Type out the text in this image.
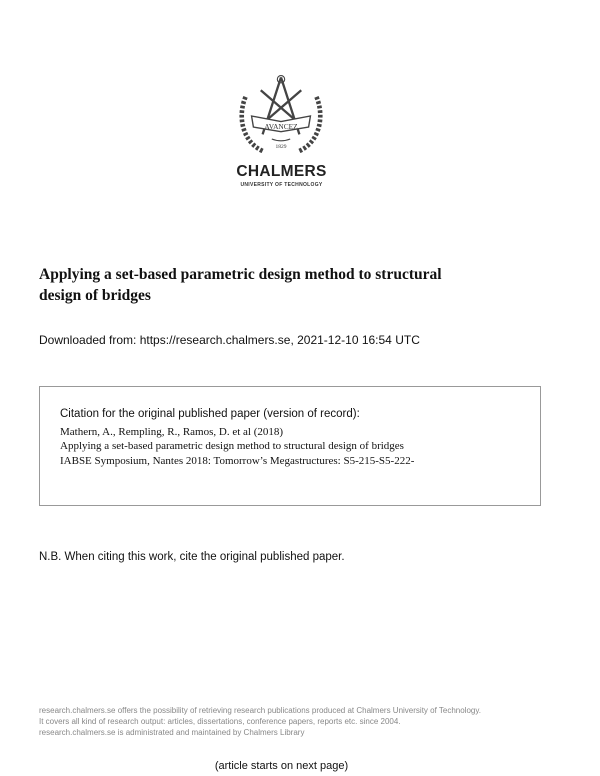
AVANCEZ
1829
CHALMERS
UNIVERSITY OF TECHNOLOGY
Applying a set-based parametric design method to structural design of bridges
Downloaded from: https://research.chalmers.se, 2021-12-10 16:54 UTC
Citation for the original published paper (version of record):
Mathern, A., Rempling, R., Ramos, D. et al (2018)
Applying a set-based parametric design method to structural design of bridges
IABSE Symposium, Nantes 2018: Tomorrow’s Megastructures: S5-215-S5-222-
N.B. When citing this work, cite the original published paper.
research.chalmers.se offers the possibility of retrieving research publications produced at Chalmers University of Technology.
It covers all kind of research output: articles, dissertations, conference papers, reports etc. since 2004.
research.chalmers.se is administrated and maintained by Chalmers Library
(article starts on next page)
